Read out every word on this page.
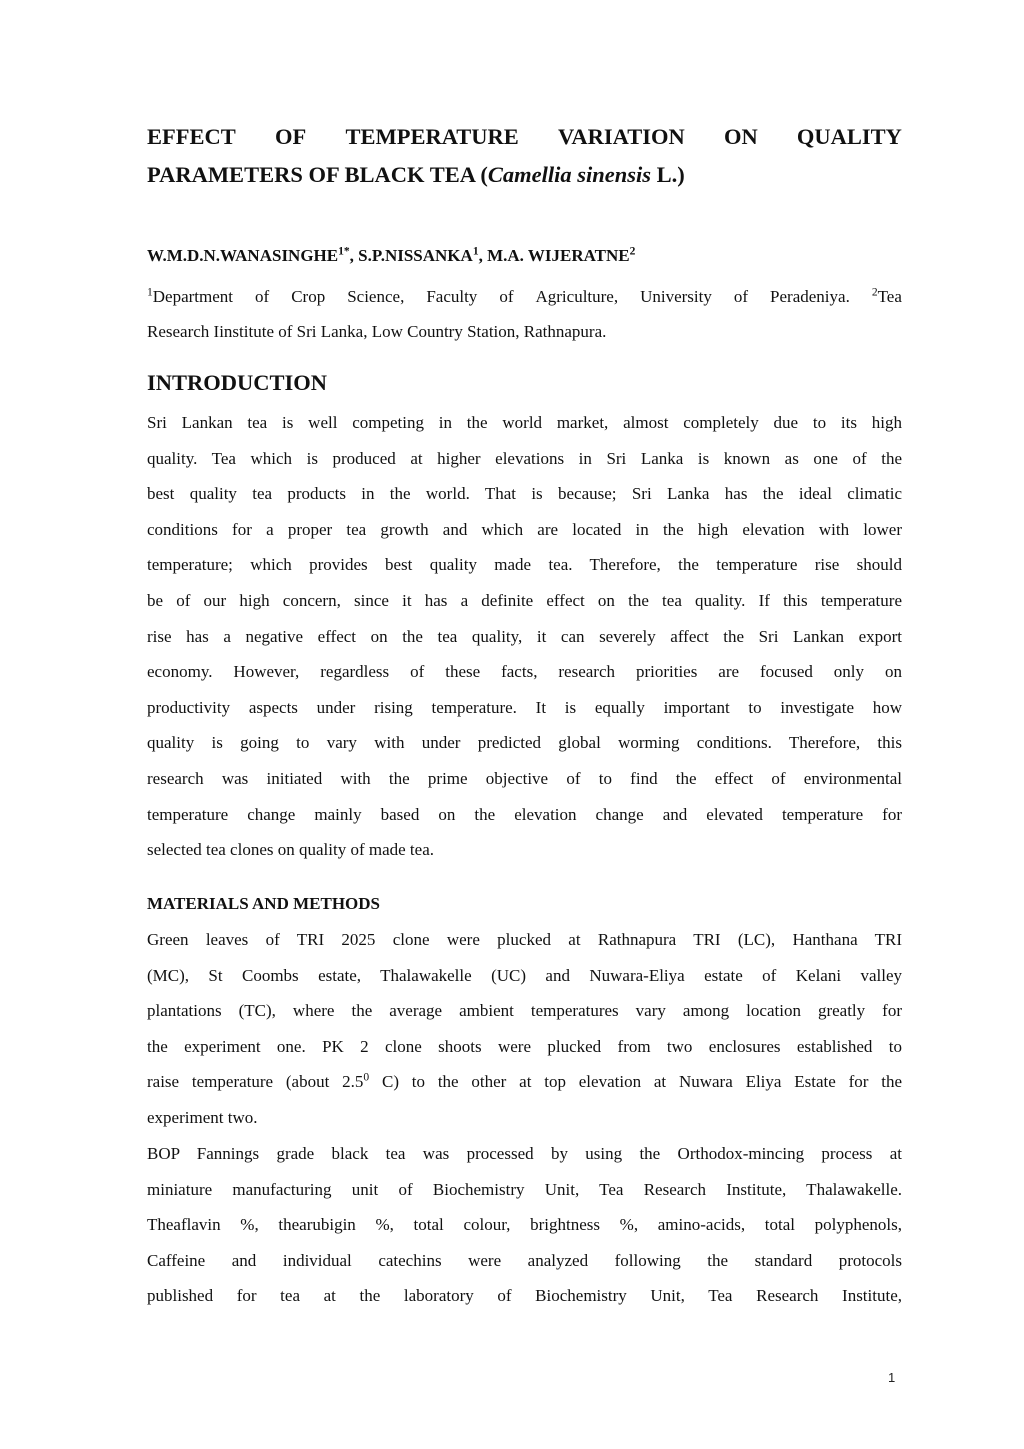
EFFECT OF TEMPERATURE VARIATION ON QUALITY
PARAMETERS OF BLACK TEA (Camellia sinensis L.)

$W.M.D.N.WANASINGHE^{1*}$, S.P.NISSANKA$^1$, M.A. WIJERATNE$^2$

$^1$Department of Crop Science, Faculty of Agriculture, University of Peradeniya. $^2$Tea
Research Iinstitute of Sri Lanka, Low Country Station, Rathnapura.

INTRODUCTION

Sri Lankan tea is well competing in the world market, almost completely due to its high
quality. Tea which is produced at higher elevations in Sri Lanka is known as one of the
best quality tea products in the world. That is because; Sri Lanka has the ideal climatic
conditions for a proper tea growth and which are located in the high elevation with lower
temperature; which provides best quality made tea. Therefore, the temperature rise should
be of our high concern, since it has a definite effect on the tea quality. If this temperature
rise has a negative effect on the tea quality, it can severely affect the Sri Lankan export
economy. However, regardless of these facts, research priorities are focused only on
productivity aspects under rising temperature. It is equally important to investigate how
quality is going to vary with under predicted global worming conditions. Therefore, this
research was initiated with the prime objective of to find the effect of environmental
temperature change mainly based on the elevation change and elevated temperature for
selected tea clones on quality of made tea.

MATERIALS AND METHODS

Green leaves of TRI 2025 clone were plucked at Rathnapura TRI (LC), Hanthana TRI
(MC), St Coombs estate, Thalawakelle (UC) and Nuwara-Eliya estate of Kelani valley
plantations (TC), where the average ambient temperatures vary among location greatly for
the experiment one. PK 2 clone shoots were plucked from two enclosures established to
raise temperature (about $2.5^0$ C) to the other at top elevation at Nuwara Eliya Estate for the
experiment two.

BOP Fannings grade black tea was processed by using the Orthodox-mincing process at
miniature manufacturing unit of Biochemistry Unit, Tea Research Institute, Thalawakelle.
Theaflavin %, thearubigin %, total colour, brightness %, amino-acids, total polyphenols,
Caffeine and individual catechins were analyzed following the standard protocols
published for tea at the laboratory of Biochemistry Unit, Tea Research Institute,

1
